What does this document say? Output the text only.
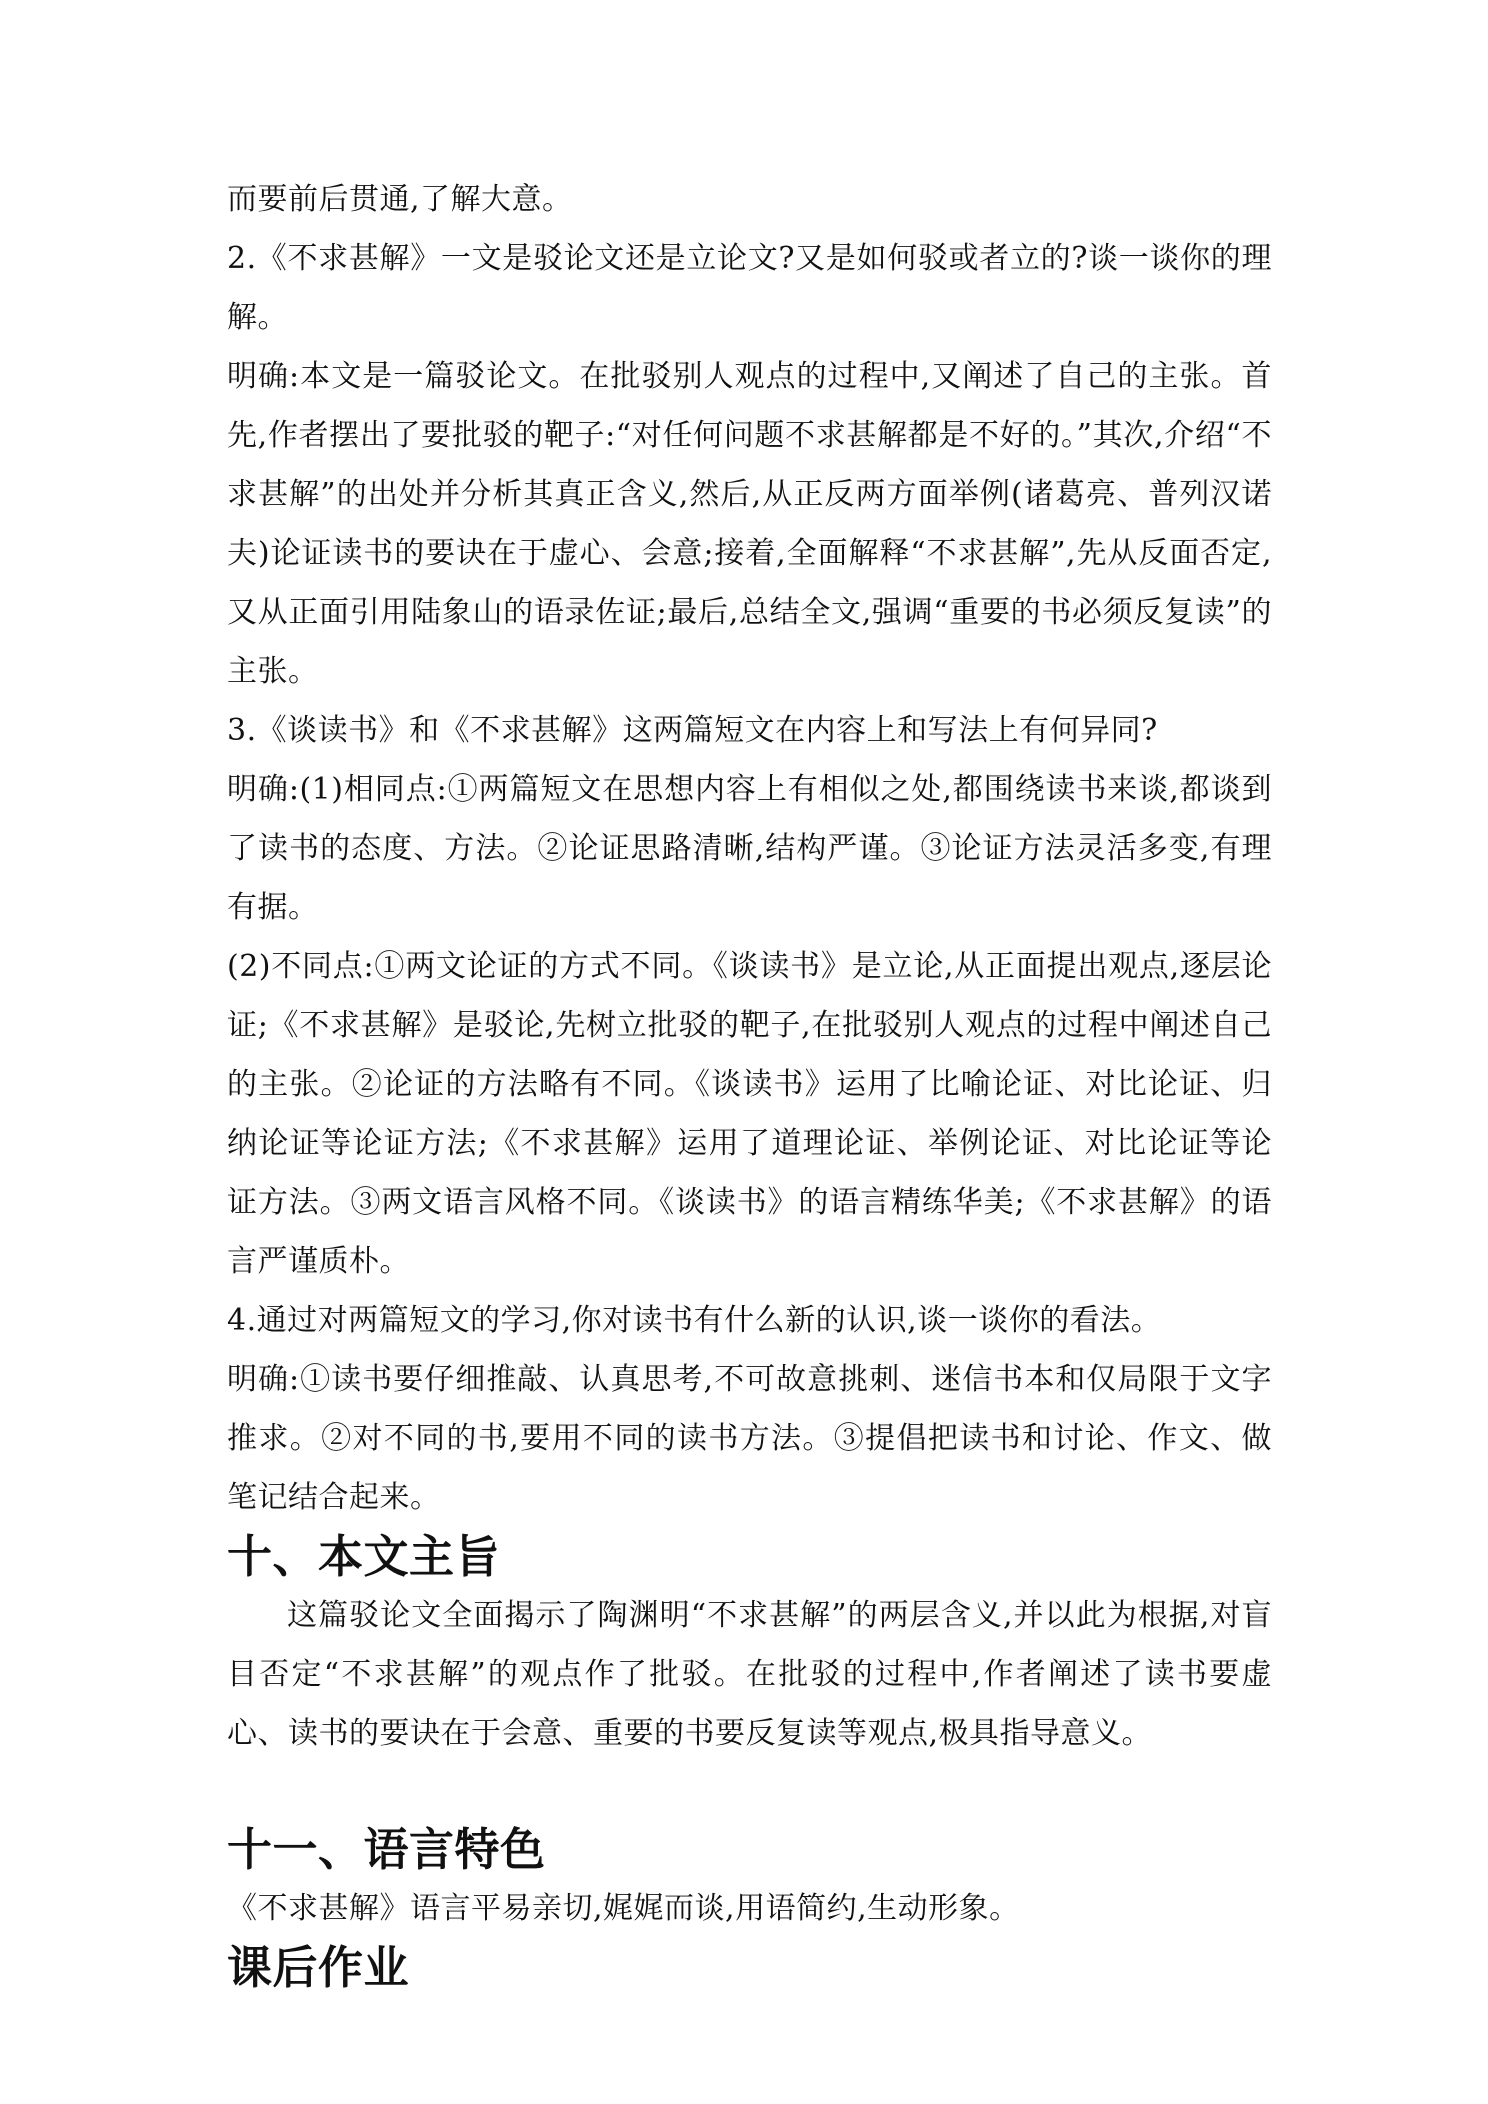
而要前后贯通,了解大意。

2.《不求甚解》一文是驳论文还是立论文?又是如何驳或者立的?谈一谈你的理解。

明确:本文是一篇驳论文。在批驳别人观点的过程中,又阐述了自己的主张。首先,作者摆出了要批驳的靶子:“对任何问题不求甚解都是不好的。”其次,介绍“不求甚解”的出处并分析其真正含义,然后,从正反两方面举例(诸葛亮、普列汉诺夫)论证读书的要诀在于虚心、会意;接着,全面解释“不求甚解”,先从反面否定,又从正面引用陆象山的语录佐证;最后,总结全文,强调“重要的书必须反复读”的主张。

3.《谈读书》和《不求甚解》这两篇短文在内容上和写法上有何异同?

明确:(1)相同点:①两篇短文在思想内容上有相似之处,都围绕读书来谈,都谈到了读书的态度、方法。②论证思路清晰,结构严谨。③论证方法灵活多变,有理有据。

(2)不同点:①两文论证的方式不同。《谈读书》是立论,从正面提出观点,逐层论证;《不求甚解》是驳论,先树立批驳的靶子,在批驳别人观点的过程中阐述自己的主张。②论证的方法略有不同。《谈读书》运用了比喻论证、对比论证、归纳论证等论证方法;《不求甚解》运用了道理论证、举例论证、对比论证等论证方法。③两文语言风格不同。《谈读书》的语言精练华美;《不求甚解》的语言严谨质朴。

4.通过对两篇短文的学习,你对读书有什么新的认识,谈一谈你的看法。

明确:①读书要仔细推敲、认真思考,不可故意挑刺、迷信书本和仅局限于文字推求。②对不同的书,要用不同的读书方法。③提倡把读书和讨论、作文、做笔记结合起来。

十、本文主旨

这篇驳论文全面揭示了陶渊明“不求甚解”的两层含义,并以此为根据,对盲目否定“不求甚解”的观点作了批驳。在批驳的过程中,作者阐述了读书要虚心、读书的要诀在于会意、重要的书要反复读等观点,极具指导意义。

十一、语言特色

《不求甚解》语言平易亲切,娓娓而谈,用语简约,生动形象。

课后作业
